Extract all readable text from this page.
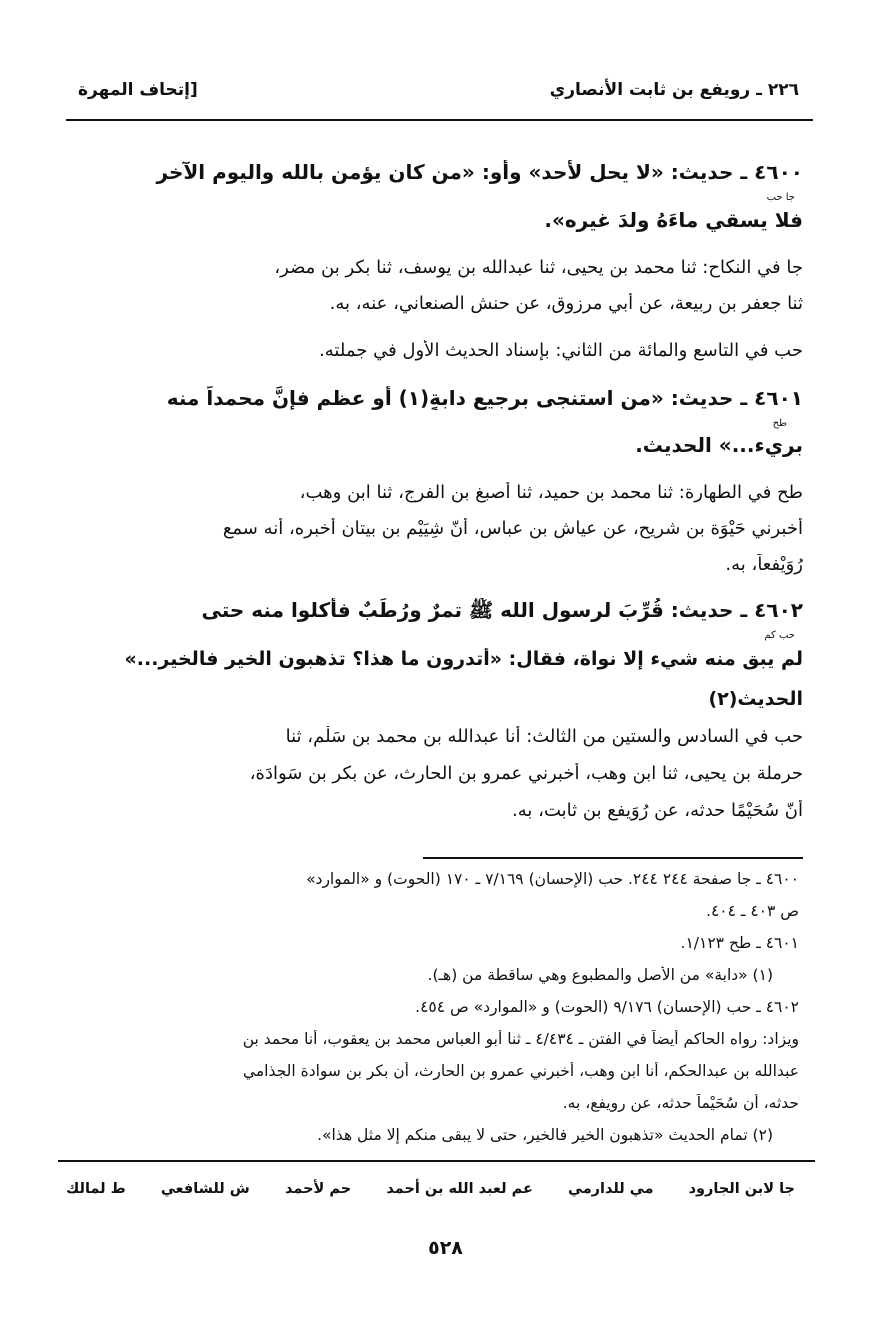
٢٢٦ ـ رويفع بن ثابت الأنصاري
[إتحاف المهرة
٤٦٠٠ ـ حديث: «لا يحل لأحد» وأو: «من كان يؤمن بالله واليوم الآخر
جا حب
فلا يسقي ماءَهُ ولدَ غيره».
جا في النكاح: ثنا محمد بن يحيى، ثنا عبدالله بن يوسف، ثنا بكر بن مضر،
ثنا جعفر بن ربيعة، عن أبي مرزوق، عن حنش الصنعاني، عنه، به.
حب في التاسع والمائة من الثاني: بإسناد الحديث الأول في جملته.
٤٦٠١ ـ حديث: «من استنجى برجيع دابةٍ(١) أو عظمٍ فإنَّ محمداً منه
طح
بريء...» الحديث.
طح في الطهارة: ثنا محمد بن حميد، ثنا أصبغ بن الفرج، ثنا ابن وهب،
أخبرني حَيْوَة بن شريح، عن عياش بن عباس، أنّ شِيَيْم بن بيتان أخبره، أنه سمع
رُوَيْفعاً، به.
٤٦٠٢ ـ حديث: قُرِّبَ لرسول الله ﷺ تمرٌ ورُطَبٌ فأكلوا منه حتى
حب كم
لم يبق منه شيء إلا نواة، فقال: «أتدرون ما هذا؟ تذهبون الخير فالخير...»
الحديث(٢)
حب في السادس والستين من الثالث: أنا عبدالله بن محمد بن سَلْم، ثنا
حرملة بن يحيى، ثنا ابن وهب، أخبرني عمرو بن الحارث، عن بكر بن سَوادَة،
أنّ سُحَيْمًا حدثه، عن رُوَيفع بن ثابت، به.
٤٦٠٠ ـ جا صفحة ٢٤٤ ٢٤٤. حب (الإحسان) ٧/١٦٩ ـ ١٧٠ (الحوت) و «الموارد»
ص ٤٠٣ ـ ٤٠٤.
٤٦٠١ ـ طح ١/١٢٣.
(١) «دابة» من الأصل والمطبوع وهي ساقطة من (هـ).
٤٦٠٢ ـ حب (الإحسان) ٩/١٧٦ (الحوت) و «الموارد» ص ٤٥٤.
ويزاد: رواه الحاكم أيضاً في الفتن ـ ٤/٤٣٤ ـ ثنا أبو العباس محمد بن يعقوب، أنا محمد بن
عبدالله بن عبدالحكم، أنا ابن وهب، أخبرني عمرو بن الحارث، أن بكر بن سوادة الجذامي
حدثه، أن سُحَيْماً حدثه، عن رويفع، به.
(٢) تمام الحديث «تذهبون الخير فالخير، حتى لا يبقى منكم إلا مثل هذا».
ط لمالك ش للشافعي حم لأحمد عم لعبد الله بن أحمد مي للدارمي جا لابن الجارود
٥٢٨
